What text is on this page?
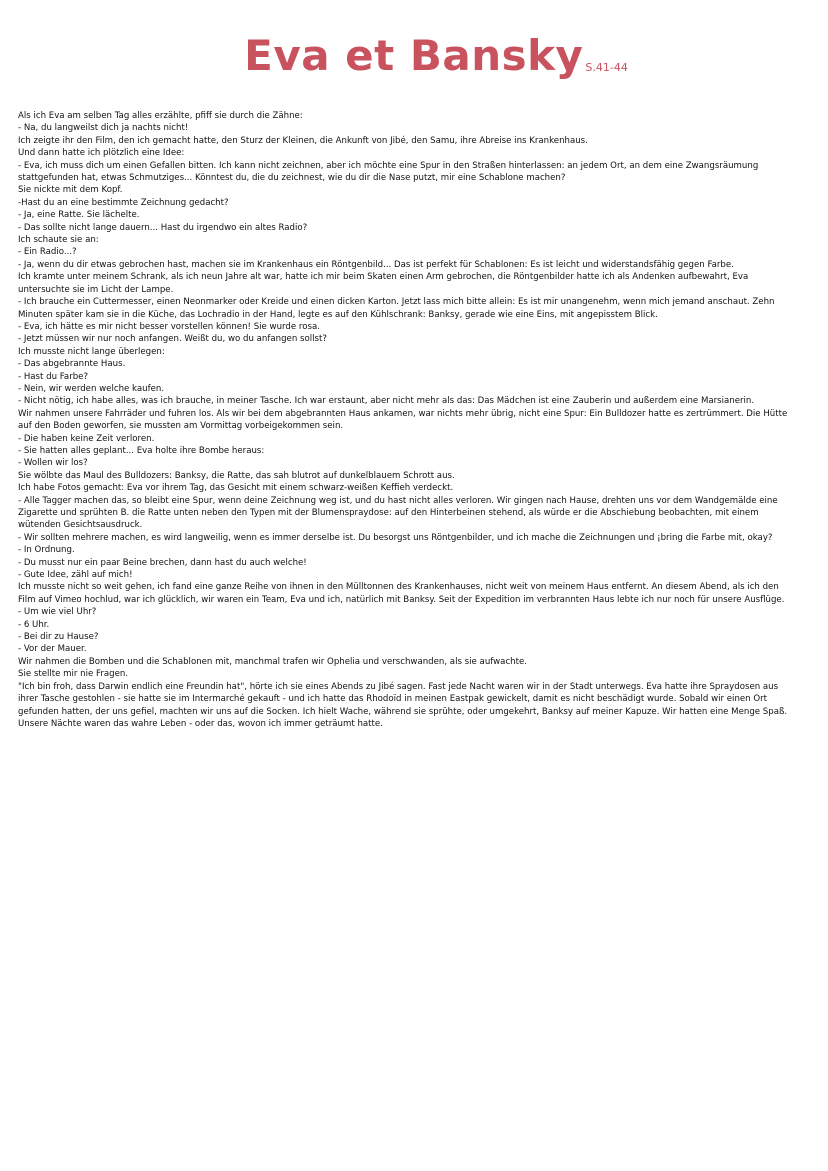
Eva et Bansky S.41-44

Als ich Eva am selben Tag alles erzählte, pfiff sie durch die Zähne:

- Na, du langweilst dich ja nachts nicht!

Ich zeigte ihr den Film, den ich gemacht hatte, den Sturz der Kleinen, die Ankunft von Jibé, den Samu, ihre Abreise ins Krankenhaus.

Und dann hatte ich plötzlich eine Idee:

- Eva, ich muss dich um einen Gefallen bitten. Ich kann nicht zeichnen, aber ich möchte eine Spur in den Straßen hinterlassen: an jedem Ort, an dem eine Zwangsräumung stattgefunden hat, etwas Schmutziges... Könntest du, die du zeichnest, wie du dir die Nase putzt, mir eine Schablone machen?

Sie nickte mit dem Kopf.

-Hast du an eine bestimmte Zeichnung gedacht?

- Ja, eine Ratte. Sie lächelte.

- Das sollte nicht lange dauern... Hast du irgendwo ein altes Radio?

Ich schaute sie an:

- Ein Radio...?

- Ja, wenn du dir etwas gebrochen hast, machen sie im Krankenhaus ein Röntgenbild... Das ist perfekt für Schablonen: Es ist leicht und widerstandsfähig gegen Farbe.

Ich kramte unter meinem Schrank, als ich neun Jahre alt war, hatte ich mir beim Skaten einen Arm gebrochen, die Röntgenbilder hatte ich als Andenken aufbewahrt, Eva untersuchte sie im Licht der Lampe.

- Ich brauche ein Cuttermesser, einen Neonmarker oder Kreide und einen dicken Karton. Jetzt lass mich bitte allein: Es ist mir unangenehm, wenn mich jemand anschaut. Zehn Minuten später kam sie in die Küche, das Lochradio in der Hand, legte es auf den Kühlschrank: Banksy, gerade wie eine Eins, mit angepisstem Blick.

- Eva, ich hätte es mir nicht besser vorstellen können! Sie wurde rosa.

- Jetzt müssen wir nur noch anfangen. Weißt du, wo du anfangen sollst?

Ich musste nicht lange überlegen:

- Das abgebrannte Haus.

- Hast du Farbe?

- Nein, wir werden welche kaufen.

- Nicht nötig, ich habe alles, was ich brauche, in meiner Tasche. Ich war erstaunt, aber nicht mehr als das: Das Mädchen ist eine Zauberin und außerdem eine Marsianerin.

Wir nahmen unsere Fahrräder und fuhren los. Als wir bei dem abgebrannten Haus ankamen, war nichts mehr übrig, nicht eine Spur: Ein Bulldozer hatte es zertrümmert. Die Hütte auf den Boden geworfen, sie mussten am Vormittag vorbeigekommen sein.

- Die haben keine Zeit verloren.

- Sie hatten alles geplant... Eva holte ihre Bombe heraus:

- Wollen wir los?

Sie wölbte das Maul des Bulldozers: Banksy, die Ratte, das sah blutrot auf dunkelblauem Schrott aus.

Ich habe Fotos gemacht: Eva vor ihrem Tag, das Gesicht mit einem schwarz-weißen Keffieh verdeckt.

- Alle Tagger machen das, so bleibt eine Spur, wenn deine Zeichnung weg ist, und du hast nicht alles verloren. Wir gingen nach Hause, drehten uns vor dem Wandgemälde eine Zigarette und sprühten B. die Ratte unten neben den Typen mit der Blumenspraydose: auf den Hinterbeinen stehend, als würde er die Abschiebung beobachten, mit einem wütenden Gesichtsausdruck.

- Wir sollten mehrere machen, es wird langweilig, wenn es immer derselbe ist. Du besorgst uns Röntgenbilder, und ich mache die Zeichnungen und ¡bring die Farbe mit, okay?

- In Ordnung.

- Du musst nur ein paar Beine brechen, dann hast du auch welche!

- Gute Idee, zähl auf mich!

Ich musste nicht so weit gehen, ich fand eine ganze Reihe von ihnen in den Mülltonnen des Krankenhauses, nicht weit von meinem Haus entfernt. An diesem Abend, als ich den Film auf Vimeo hochlud, war ich glücklich, wir waren ein Team, Eva und ich, natürlich mit Banksy. Seit der Expedition im verbrannten Haus lebte ich nur noch für unsere Ausflüge.

- Um wie viel Uhr?

- 6 Uhr.

- Bei dir zu Hause?

- Vor der Mauer.

Wir nahmen die Bomben und die Schablonen mit, manchmal trafen wir Ophelia und verschwanden, als sie aufwachte.

Sie stellte mir nie Fragen.

"Ich bin froh, dass Darwin endlich eine Freundin hat", hörte ich sie eines Abends zu Jibé sagen. Fast jede Nacht waren wir in der Stadt unterwegs. Eva hatte ihre Spraydosen aus ihrer Tasche gestohlen - sie hatte sie im Intermarché gekauft - und ich hatte das Rhodoïd in meinen Eastpak gewickelt, damit es nicht beschädigt wurde. Sobald wir einen Ort gefunden hatten, der uns gefiel, machten wir uns auf die Socken. Ich hielt Wache, während sie sprühte, oder umgekehrt, Banksy auf meiner Kapuze. Wir hatten eine Menge Spaß. Unsere Nächte waren das wahre Leben - oder das, wovon ich immer geträumt hatte.
